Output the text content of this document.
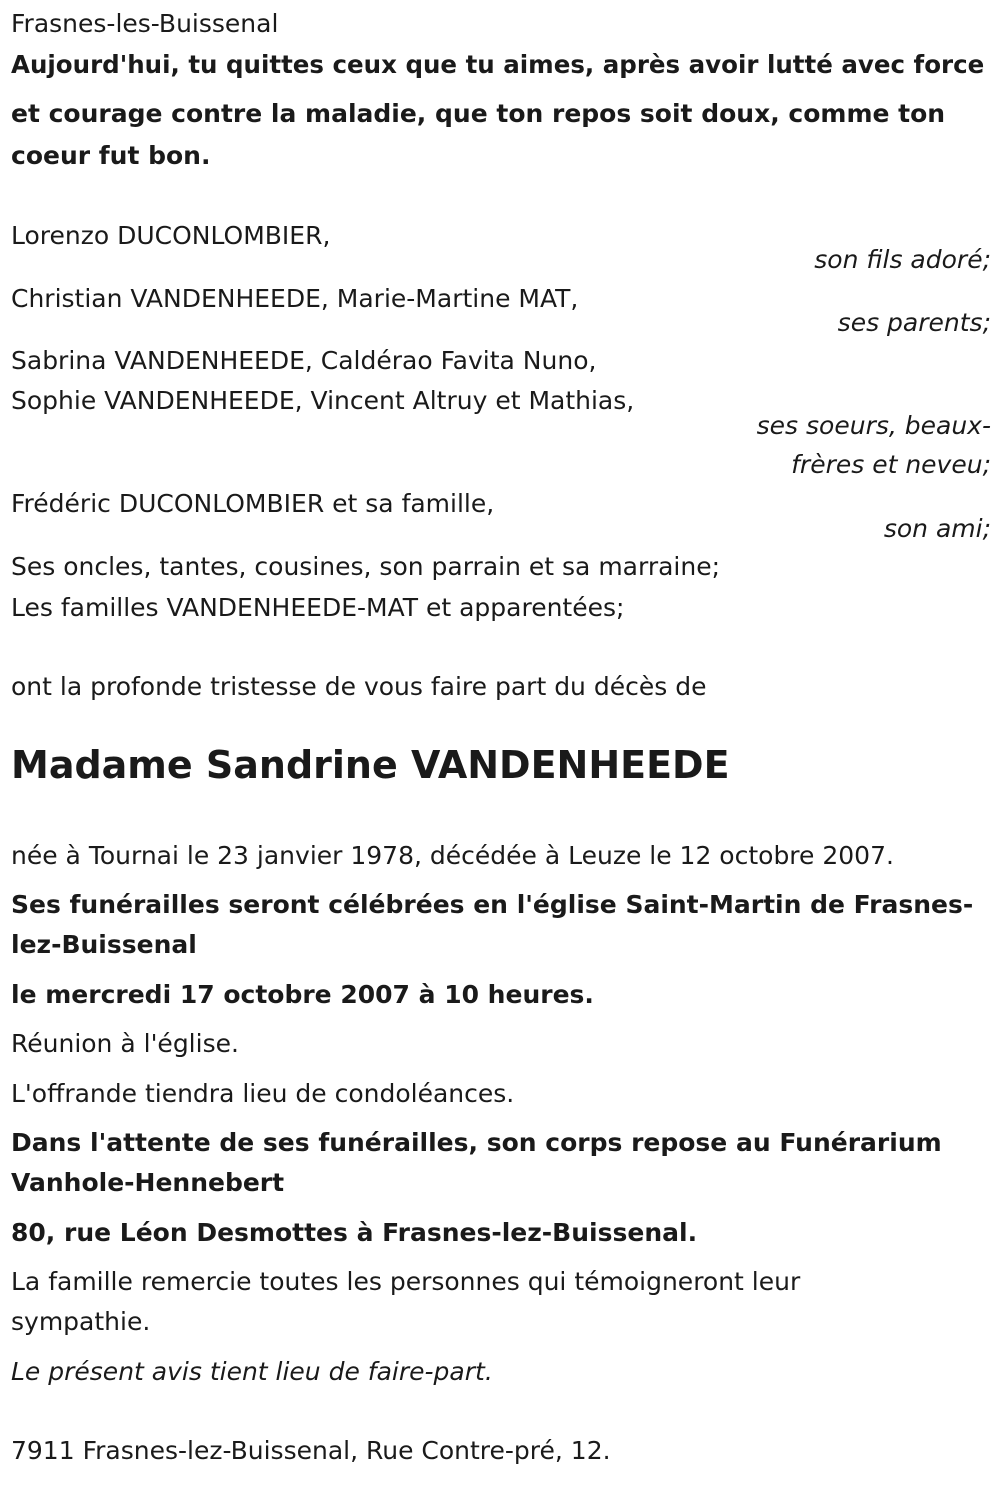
Frasnes-les-Buissenal
Aujourd'hui, tu quittes ceux que tu aimes, après avoir lutté avec force
et courage contre la maladie, que ton repos soit doux, comme ton
coeur fut bon.
Lorenzo DUCONLOMBIER,
son fils adoré;
Christian VANDENHEEDE, Marie-Martine MAT,
ses parents;
Sabrina VANDENHEEDE, Caldérao Favita Nuno,
Sophie VANDENHEEDE, Vincent Altruy et Mathias,
ses soeurs, beaux-
frères et neveu;
Frédéric DUCONLOMBIER et sa famille,
son ami;
Ses oncles, tantes, cousines, son parrain et sa marraine;
Les familles VANDENHEEDE-MAT et apparentées;
ont la profonde tristesse de vous faire part du décès de
Madame Sandrine VANDENHEEDE
née à Tournai le 23 janvier 1978, décédée à Leuze le 12 octobre 2007.
Ses funérailles seront célébrées en l'église Saint-Martin de Frasnes-
lez-Buissenal
le mercredi 17 octobre 2007 à 10 heures.
Réunion à l'église.
L'offrande tiendra lieu de condoléances.
Dans l'attente de ses funérailles, son corps repose au Funérarium
Vanhole-Hennebert
80, rue Léon Desmottes à Frasnes-lez-Buissenal.
La famille remercie toutes les personnes qui témoigneront leur
sympathie.
Le présent avis tient lieu de faire-part.
7911 Frasnes-lez-Buissenal, Rue Contre-pré, 12.
